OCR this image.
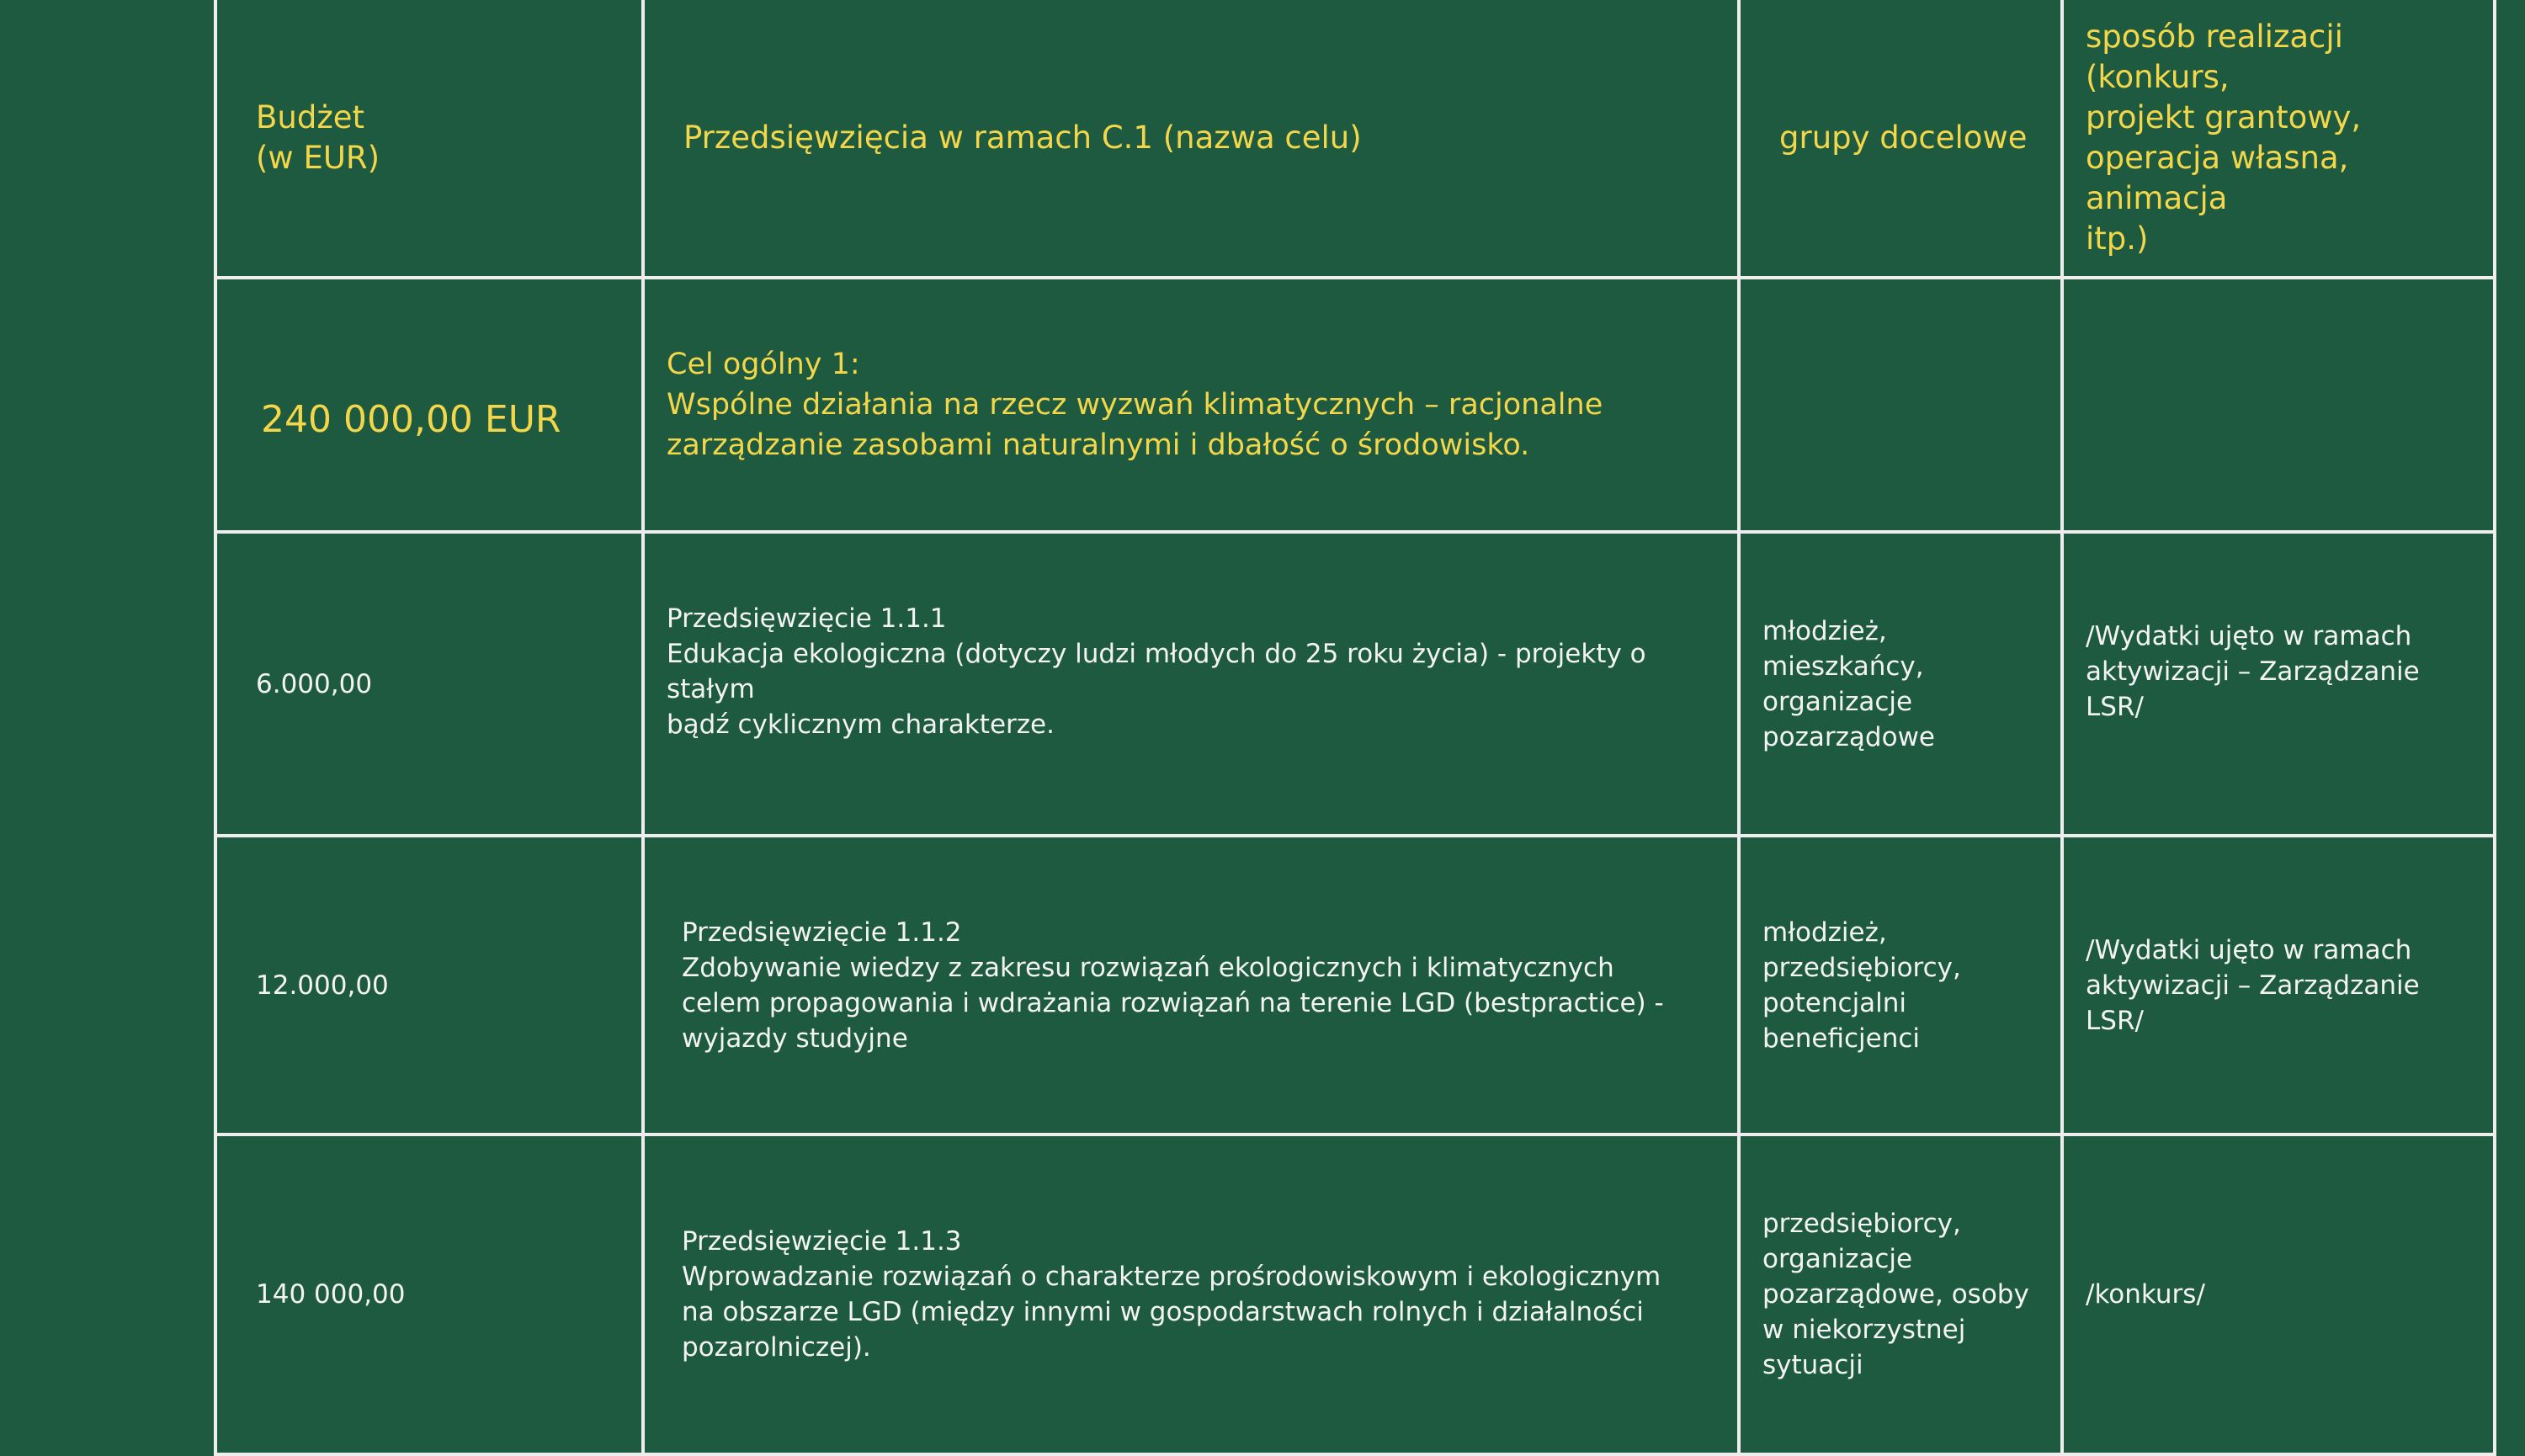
Budżet
(w EUR)	Przedsięwzięcia w ramach C.1 (nazwa celu)	grupy docelowe	sposób realizacji (konkurs,
projekt grantowy,
operacja własna, animacja
itp.)

240 000,00 EUR	Cel ogólny 1:
Wspólne działania na rzecz wyzwań klimatycznych – racjonalne
zarządzanie zasobami naturalnymi i dbałość o środowisko.		

6.000,00	Przedsięwzięcie 1.1.1
Edukacja ekologiczna (dotyczy ludzi młodych do 25 roku życia) - projekty o stałym
bądź cyklicznym charakterze.	młodzież,
mieszkańcy,
organizacje
pozarządowe	/Wydatki ujęto w ramach
aktywizacji – Zarządzanie
LSR/

12.000,00	Przedsięwzięcie 1.1.2
Zdobywanie wiedzy z zakresu rozwiązań ekologicznych i klimatycznych
celem propagowania i wdrażania rozwiązań na terenie LGD (bestpractice) -
wyjazdy studyjne	młodzież,
przedsiębiorcy,
potencjalni
beneficjenci	/Wydatki ujęto w ramach
aktywizacji – Zarządzanie
LSR/

140 000,00	Przedsięwzięcie 1.1.3
Wprowadzanie rozwiązań o charakterze prośrodowiskowym i ekologicznym
na obszarze LGD (między innymi w gospodarstwach rolnych i działalności
pozarolniczej).	przedsiębiorcy,
organizacje
pozarządowe, osoby
w niekorzystnej
sytuacji	/konkurs/
